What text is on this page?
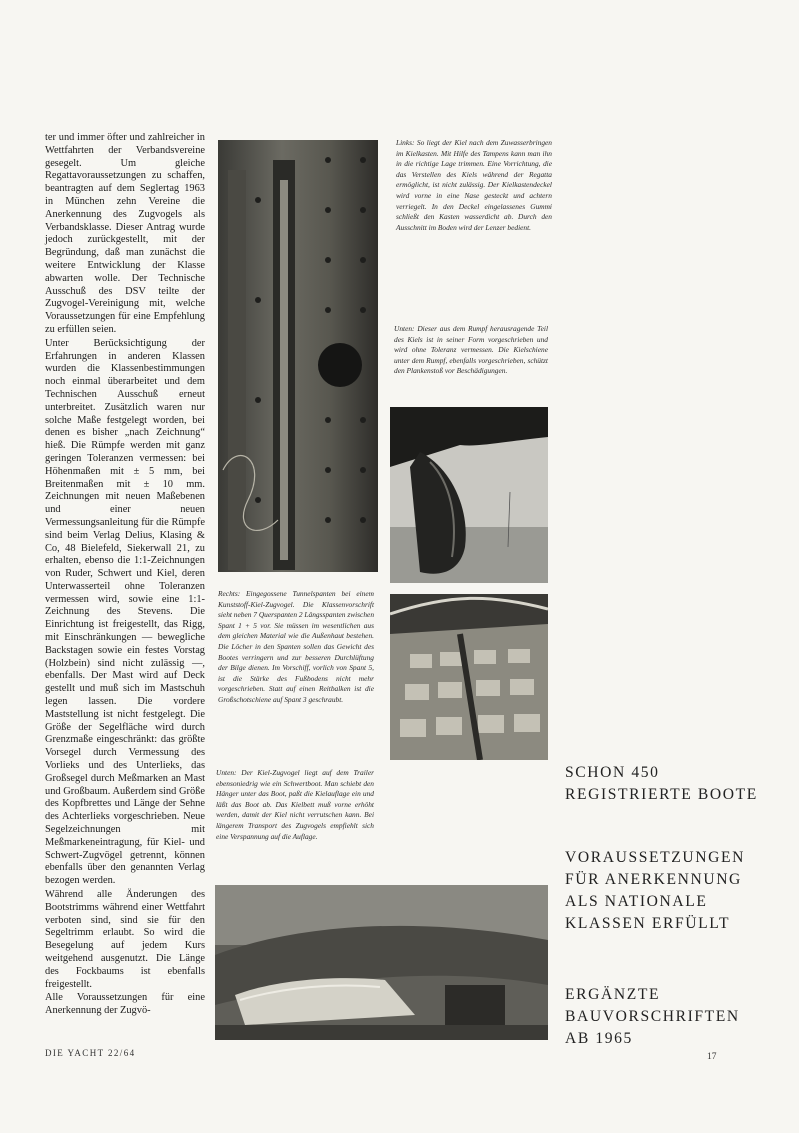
ter und immer öfter und zahlreicher in Wettfahrten der Verbandsvereine gesegelt. Um gleiche Regattavoraussetzungen zu schaffen, beantragten auf dem Seglertag 1963 in München zehn Vereine die Anerkennung des Zugvogels als Verbandsklasse. Dieser Antrag wurde jedoch zurückgestellt, mit der Begründung, daß man zunächst die weitere Entwicklung der Klasse abwarten wolle. Der Technische Ausschuß des DSV teilte der Zugvogel-Vereinigung mit, welche Voraussetzungen für eine Empfehlung zu erfüllen seien.

Unter Berücksichtigung der Erfahrungen in anderen Klassen wurden die Klassenbestimmungen noch einmal überarbeitet und dem Technischen Ausschuß erneut unterbreitet. Zusätzlich waren nur solche Maße festgelegt worden, bei denen es bisher „nach Zeichnung“ hieß. Die Rümpfe werden mit ganz geringen Toleranzen vermessen: bei Höhenmaßen mit ± 5 mm, bei Breitenmaßen mit ± 10 mm. Zeichnungen mit neuen Maßebenen und einer neuen Vermessungsanleitung für die Rümpfe sind beim Verlag Delius, Klasing & Co, 48 Bielefeld, Siekerwall 21, zu erhalten, ebenso die 1:1-Zeichnungen von Ruder, Schwert und Kiel, deren Unterwasserteil ohne Toleranzen vermessen wird, sowie eine 1:1-Zeichnung des Stevens. Die Einrichtung ist freigestellt, das Rigg, mit Einschränkungen — bewegliche Backstagen sowie ein festes Vorstag (Holzbein) sind nicht zulässig —, ebenfalls. Der Mast wird auf Deck gestellt und muß sich im Mastschuh legen lassen. Die vordere Maststellung ist nicht festgelegt. Die Größe der Segelfläche wird durch Grenzmaße eingeschränkt: das größte Vorsegel durch Vermessung des Vorlieks und des Unterlieks, das Großsegel durch Meßmarken an Mast und Großbaum. Außerdem sind Größe des Kopfbrettes und Länge der Sehne des Achterlieks vorgeschrieben. Neue Segelzeichnungen mit Meßmarkeneintragung, für Kiel- und Schwert-Zugvögel getrennt, können ebenfalls über den genannten Verlag bezogen werden.

Während alle Änderungen des Bootstrimms während einer Wettfahrt verboten sind, sind sie für den Segeltrimm erlaubt. So wird die Besegelung auf jedem Kurs weitgehend ausgenutzt. Die Länge des Fockbaums ist ebenfalls freigestellt.

Alle Voraussetzungen für eine Anerkennung der Zugvö-

Links: So liegt der Kiel nach dem Zuwasserbringen im Kielkasten. Mit Hilfe des Tampens kann man ihn in die richtige Lage trimmen. Eine Vorrichtung, die das Verstellen des Kiels während der Regatta ermöglicht, ist nicht zulässig. Der Kielkastendeckel wird vorne in eine Nase gesteckt und achtern verriegelt. In den Deckel eingelassenes Gummi schließt den Kasten wasserdicht ab. Durch den Ausschnitt im Boden wird der Lenzer bedient.
Unten: Dieser aus dem Rumpf herausragende Teil des Kiels ist in seiner Form vorgeschrieben und wird ohne Toleranz vermessen. Die Kielschiene unter dem Rumpf, ebenfalls vorgeschrieben, schützt den Plankenstoß vor Beschädigungen.
Rechts: Eingegossene Tunnelspanten bei einem Kunststoff-Kiel-Zugvogel. Die Klassenvorschrift sieht neben 7 Querspanten 2 Längsspanten zwischen Spant 1 + 5 vor. Sie müssen im wesentlichen aus dem gleichen Material wie die Außenhaut bestehen. Die Löcher in den Spanten sollen das Gewicht des Bootes verringern und zur besseren Durchlüftung der Bilge dienen. Im Vorschiff, vorlich von Spant 5, ist die Stärke des Fußbodens nicht mehr vorgeschrieben. Statt auf einen Reitbalken ist die Großschotschiene auf Spant 3 geschraubt.
Unten: Der Kiel-Zugvogel liegt auf dem Trailer ebensoniedrig wie ein Schwertboot. Man schiebt den Hänger unter das Boot, paßt die Kielauflage ein und läßt das Boot ab. Das Kielbett muß vorne erhöht werden, damit der Kiel nicht verrutschen kann. Bei längerem Transport des Zugvogels empfiehlt sich eine Verspannung auf die Auflage.
SCHON 450 REGISTRIERTE BOOTE
VORAUSSETZUNGEN FÜR ANERKENNUNG ALS NATIONALE KLASSEN ERFÜLLT
ERGÄNZTE BAUVORSCHRIFTEN AB 1965
DIE YACHT 22/64	17
